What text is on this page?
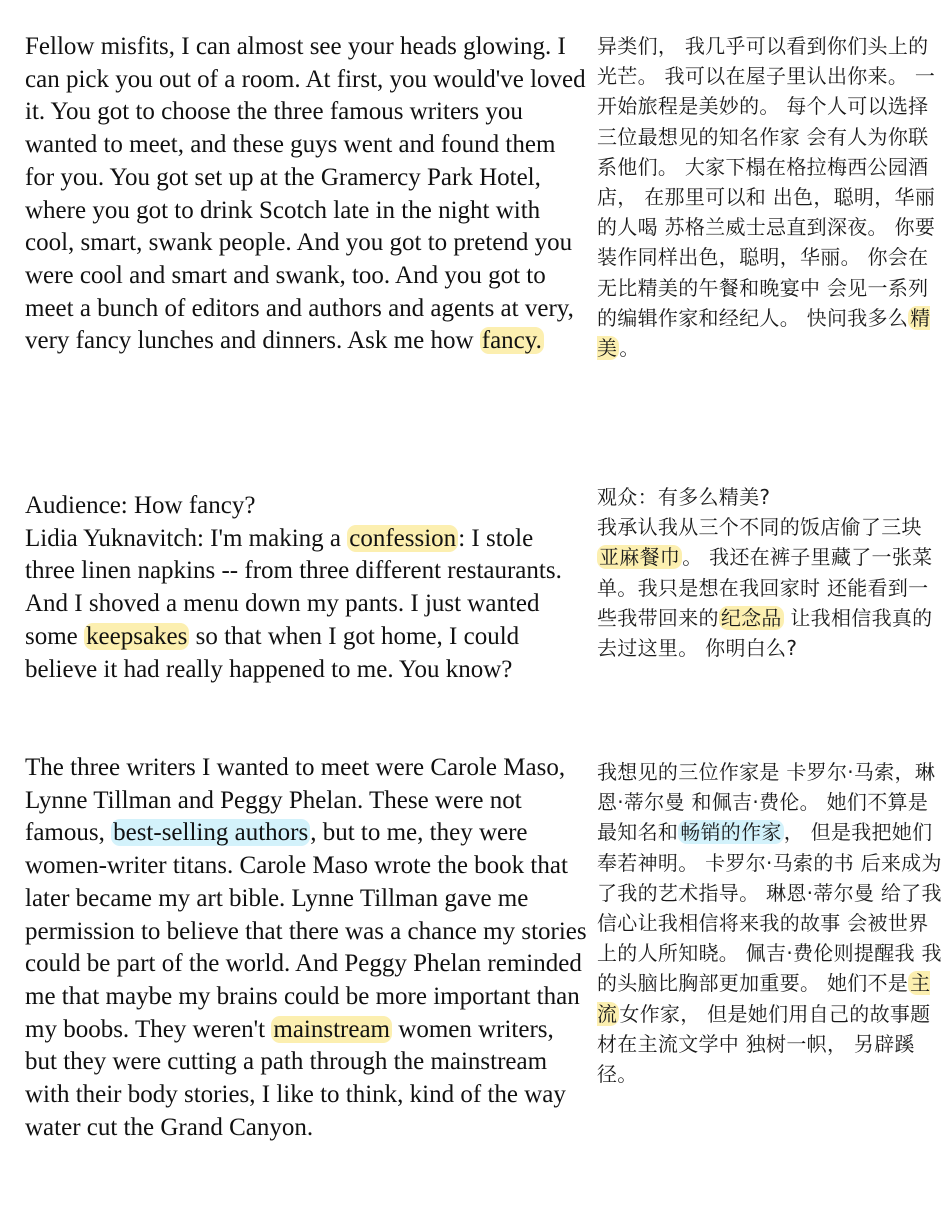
Fellow misfits, I can almost see your heads glowing. I can pick you out of a room. At first, you would've loved it. You got to choose the three famous writers you wanted to meet, and these guys went and found them for you. You got set up at the Gramercy Park Hotel, where you got to drink Scotch late in the night with cool, smart, swank people. And you got to pretend you were cool and smart and swank, too. And you got to meet a bunch of editors and authors and agents at very, very fancy lunches and dinners. Ask me how fancy.
异类们， 我几乎可以看到你们头上的光芒。 我可以在屋子里认出你来。 一开始旅程是美妙的。 每个人可以选择三位最想见的知名作家 会有人为你联系他们。 大家下榻在格拉梅西公园酒店， 在那里可以和 出色，聪明，华丽的人喝 苏格兰威士忌直到深夜。 你要装作同样出色，聪明，华丽。 你会在无比精美的午餐和晚宴中 会见一系列的编辑作家和经纪人。 快问我多么 精美 。
Audience: How fancy?
Lidia Yuknavitch: I'm making a confession: I stole three linen napkins -- from three different restaurants. And I shoved a menu down my pants. I just wanted some keepsakes so that when I got home, I could believe it had really happened to me. You know?
观众：有多么精美?
我承认我从三个不同的饭店偷了三块亚麻餐巾 。 我还在裤子里藏了一张菜单。我只是想在我回家时 还能看到一些我带回来的 纪念品 让我相信我真的去过这里。 你明白么?
The three writers I wanted to meet were Carole Maso, Lynne Tillman and Peggy Phelan. These were not famous, best-selling authors, but to me, they were women-writer titans. Carole Maso wrote the book that later became my art bible. Lynne Tillman gave me permission to believe that there was a chance my stories could be part of the world. And Peggy Phelan reminded me that maybe my brains could be more important than my boobs. They weren't mainstream women writers, but they were cutting a path through the mainstream with their body stories, I like to think, kind of the way water cut the Grand Canyon.
我想见的三位作家是 卡罗尔·马索，琳恩·蒂尔曼 和佩吉·费伦。 她们不算是最知名和 畅销的作家 ， 但是我把她们奉若神明。 卡罗尔·马索的书 后来成为了我的艺术指导。 琳恩·蒂尔曼 给了我信心让我相信将来我的故事 会被世界上的人所知晓。 佩吉·费伦则提醒我 我的头脑比胸部更加重要。 她们不是 主流 女作家， 但是她们用自己的故事题材在主流文学中 独树一帜， 另辟蹊径。
